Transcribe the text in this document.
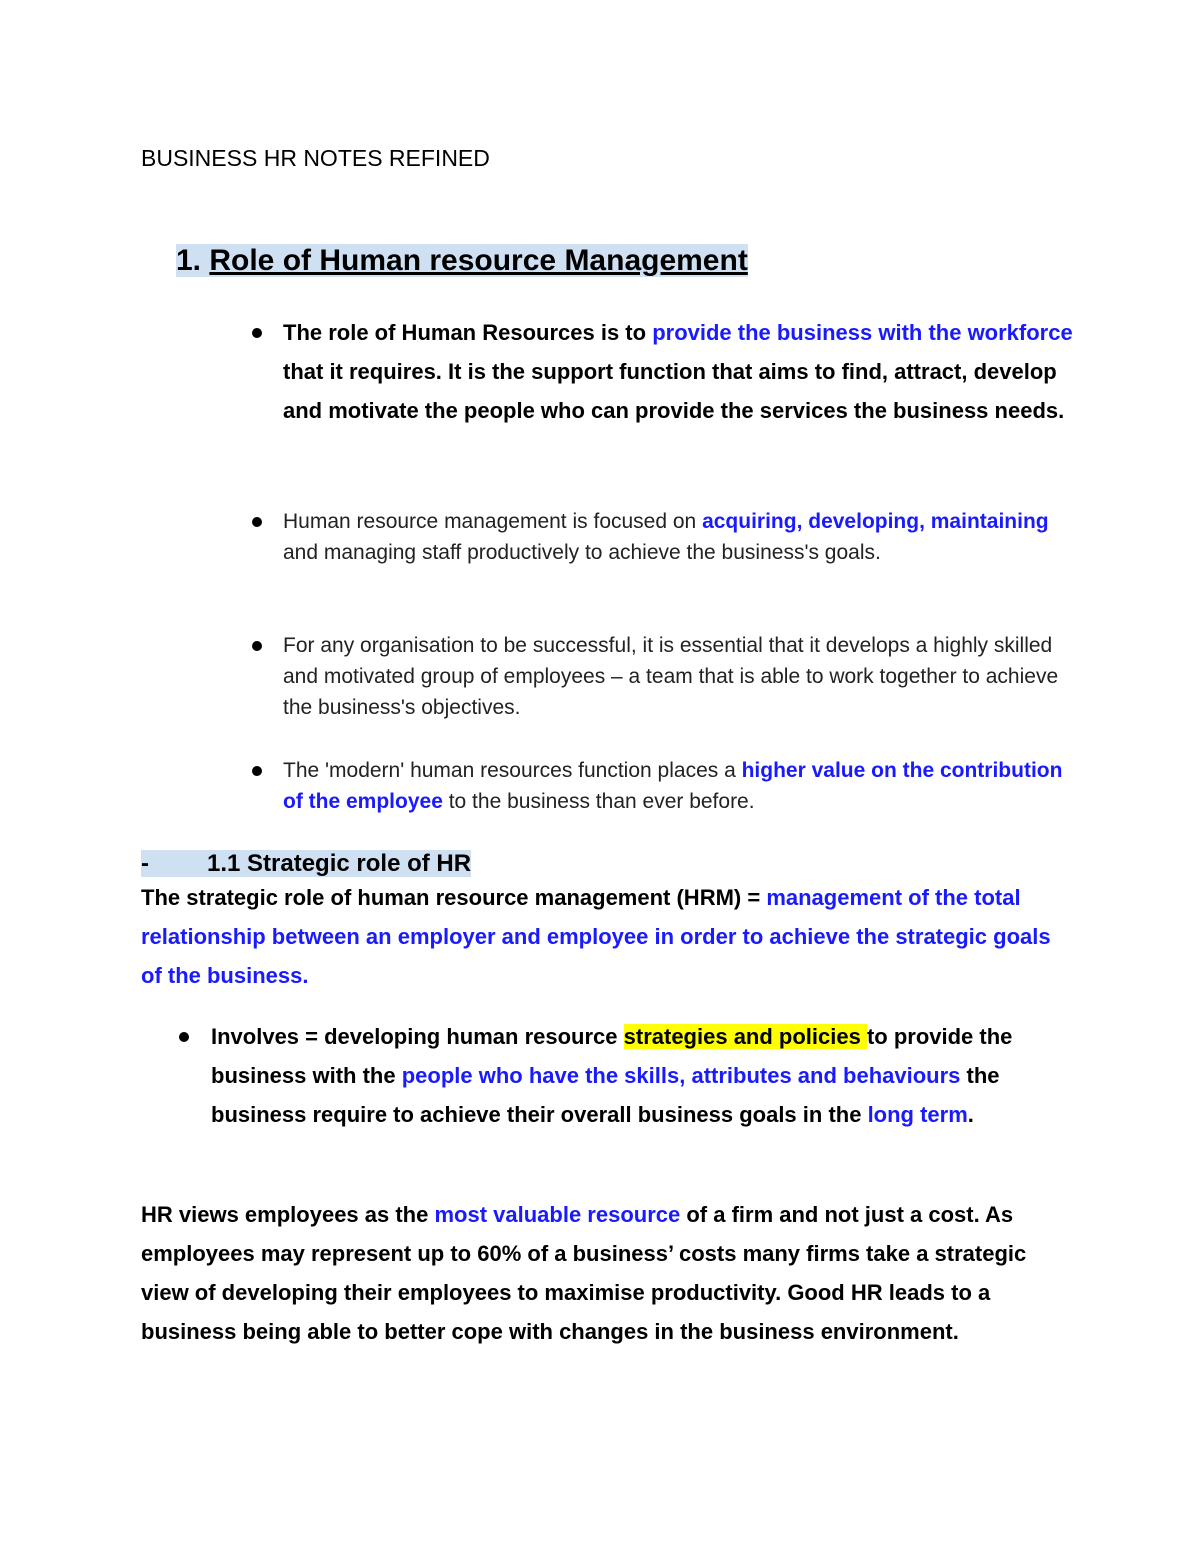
BUSINESS HR NOTES REFINED
1. Role of Human resource Management
The role of Human Resources is to provide the business with the workforce that it requires. It is the support function that aims to find, attract, develop and motivate the people who can provide the services the business needs.
Human resource management is focused on acquiring, developing, maintaining and managing staff productively to achieve the business's goals.
For any organisation to be successful, it is essential that it develops a highly skilled and motivated group of employees – a team that is able to work together to achieve the business's objectives.
The 'modern' human resources function places a higher value on the contribution of the employee to the business than ever before.
- 1.1 Strategic role of HR
The strategic role of human resource management (HRM) = management of the total relationship between an employer and employee in order to achieve the strategic goals of the business.
Involves = developing human resource strategies and policies to provide the business with the people who have the skills, attributes and behaviours the business require to achieve their overall business goals in the long term.
HR views employees as the most valuable resource of a firm and not just a cost. As employees may represent up to 60% of a business’ costs many firms take a strategic view of developing their employees to maximise productivity. Good HR leads to a business being able to better cope with changes in the business environment.
